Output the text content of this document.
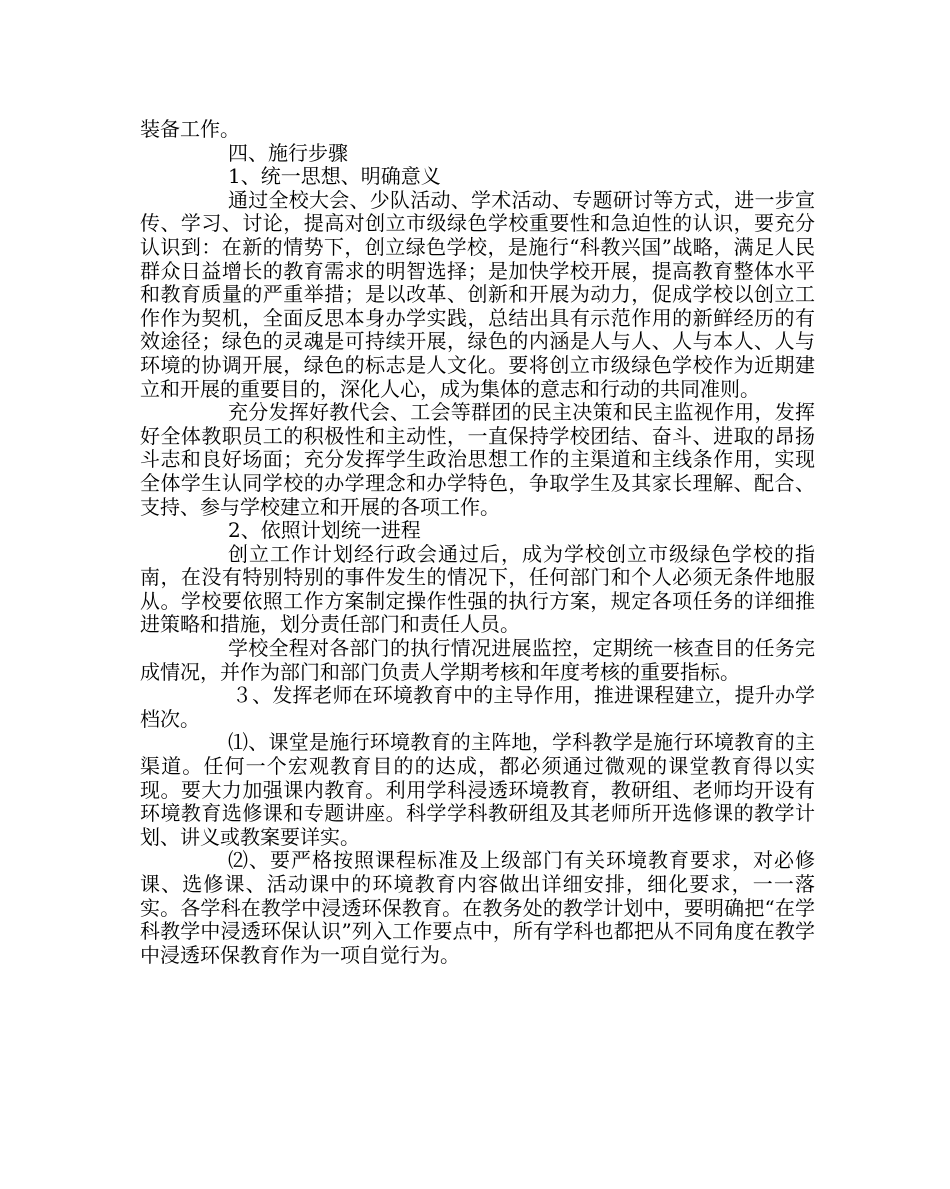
装备工作。

四、施行步骤

1、统一思想、明确意义

通过全校大会、少队活动、学术活动、专题研讨等方式，进一步宣传、学习、讨论，提高对创立市级绿色学校重要性和急迫性的认识，要充分认识到：在新的情势下，创立绿色学校，是施行“科教兴国”战略，满足人民群众日益增长的教育需求的明智选择；是加快学校开展，提高教育整体水平和教育质量的严重举措；是以改革、创新和开展为动力，促成学校以创立工作作为契机，全面反思本身办学实践，总结出具有示范作用的新鲜经历的有效途径；绿色的灵魂是可持续开展，绿色的内涵是人与人、人与本人、人与环境的协调开展，绿色的标志是人文化。要将创立市级绿色学校作为近期建立和开展的重要目的，深化人心，成为集体的意志和行动的共同准则。

充分发挥好教代会、工会等群团的民主决策和民主监视作用，发挥好全体教职员工的积极性和主动性，一直保持学校团结、奋斗、进取的昂扬斗志和良好场面；充分发挥学生政治思想工作的主渠道和主线条作用，实现全体学生认同学校的办学理念和办学特色，争取学生及其家长理解、配合、支持、参与学校建立和开展的各项工作。

2、依照计划统一进程

创立工作计划经行政会通过后，成为学校创立市级绿色学校的指南，在没有特别特别的事件发生的情况下，任何部门和个人必须无条件地服从。学校要依照工作方案制定操作性强的执行方案，规定各项任务的详细推进策略和措施，划分责任部门和责任人员。

学校全程对各部门的执行情况进展监控，定期统一核查目的任务完成情况，并作为部门和部门负责人学期考核和年度考核的重要指标。

３、发挥老师在环境教育中的主导作用，推进课程建立，提升办学档次。

⑴、课堂是施行环境教育的主阵地，学科教学是施行环境教育的主渠道。任何一个宏观教育目的的达成，都必须通过微观的课堂教育得以实现。要大力加强课内教育。利用学科浸透环境教育，教研组、老师均开设有环境教育选修课和专题讲座。科学学科教研组及其老师所开选修课的教学计划、讲义或教案要详实。

⑵、要严格按照课程标准及上级部门有关环境教育要求，对必修课、选修课、活动课中的环境教育内容做出详细安排，细化要求，一一落实。各学科在教学中浸透环保教育。在教务处的教学计划中，要明确把“在学科教学中浸透环保认识”列入工作要点中，所有学科也都把从不同角度在教学中浸透环保教育作为一项自觉行为。
